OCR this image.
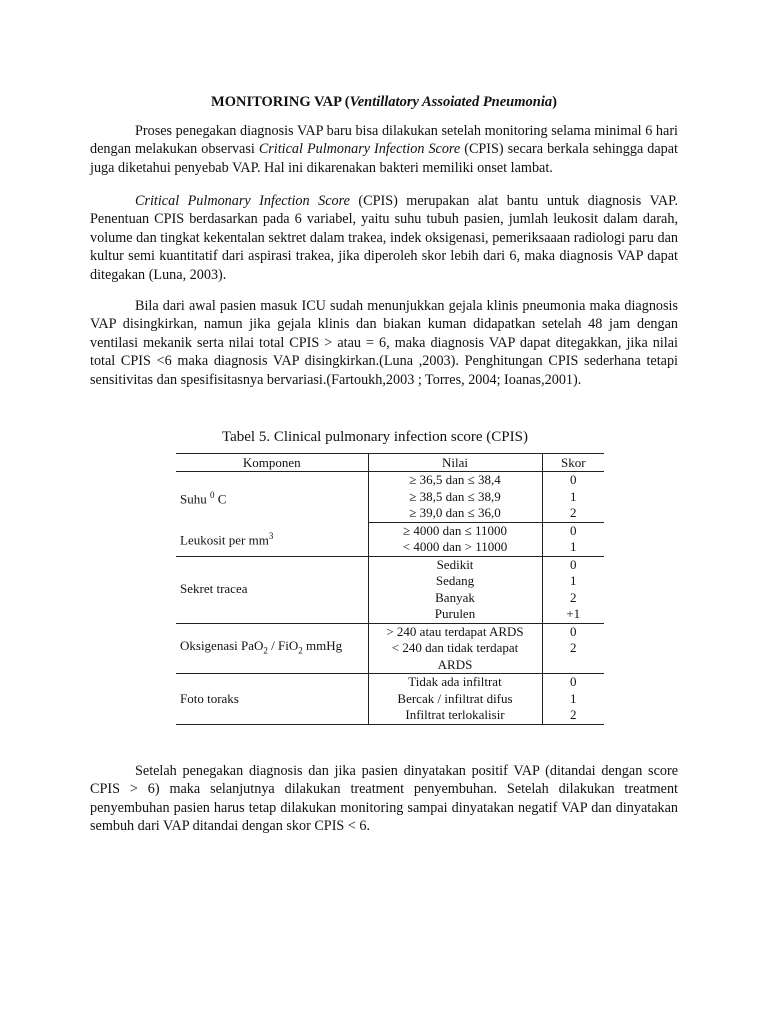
MONITORING VAP (Ventillatory Assoiated Pneumonia)

Proses penegakan diagnosis VAP baru bisa dilakukan setelah monitoring selama minimal 6 hari dengan melakukan observasi Critical Pulmonary Infection Score (CPIS) secara berkala sehingga dapat juga diketahui penyebab VAP. Hal ini dikarenakan bakteri memiliki onset lambat.

Critical Pulmonary Infection Score (CPIS) merupakan alat bantu untuk diagnosis VAP. Penentuan CPIS berdasarkan pada 6 variabel, yaitu suhu tubuh pasien, jumlah leukosit dalam darah, volume dan tingkat kekentalan sektret dalam trakea, indek oksigenasi, pemeriksaaan radiologi paru dan kultur semi kuantitatif dari aspirasi trakea, jika diperoleh skor lebih dari 6, maka diagnosis VAP dapat ditegakan (Luna, 2003).

Bila dari awal pasien masuk ICU sudah menunjukkan gejala klinis pneumonia maka diagnosis VAP disingkirkan, namun jika gejala klinis dan biakan kuman didapatkan setelah 48 jam dengan ventilasi mekanik serta nilai total CPIS > atau = 6, maka diagnosis VAP dapat ditegakkan, jika nilai total CPIS <6 maka diagnosis VAP disingkirkan.(Luna ,2003). Penghitungan CPIS sederhana tetapi sensitivitas dan spesifisitasnya bervariasi.(Fartoukh,2003 ; Torres, 2004; Ioanas,2001).

Tabel 5. Clinical pulmonary infection score (CPIS)
Komponen	Nilai	Skor
Suhu $^0$ C	≥ 36,5 dan ≤ 38,4	0
	≥ 38,5 dan ≤ 38,9	1
	≥ 39,0 dan ≤ 36,0	2
Leukosit per $mm^3$	≥ 4000 dan ≤ 11000	0
	< 4000 dan > 11000	1
Sekret tracea	Sedikit	0
	Sedang	1
	Banyak	2
	Purulen	+1
Oksigenasi PaO$_2$ / FiO$_2$ mmHg	> 240 atau terdapat ARDS	0
	< 240 dan tidak terdapat	2
	ARDS	
Foto toraks	Tidak ada infiltrat	0
	Bercak / infiltrat difus	1
	Infiltrat terlokalisir	2

Setelah penegakan diagnosis dan jika pasien dinyatakan positif VAP (ditandai dengan score CPIS > 6) maka selanjutnya dilakukan treatment penyembuhan. Setelah dilakukan treatment penyembuhan pasien harus tetap dilakukan monitoring sampai dinyatakan negatif VAP dan dinyatakan sembuh dari VAP ditandai dengan skor CPIS < 6.
